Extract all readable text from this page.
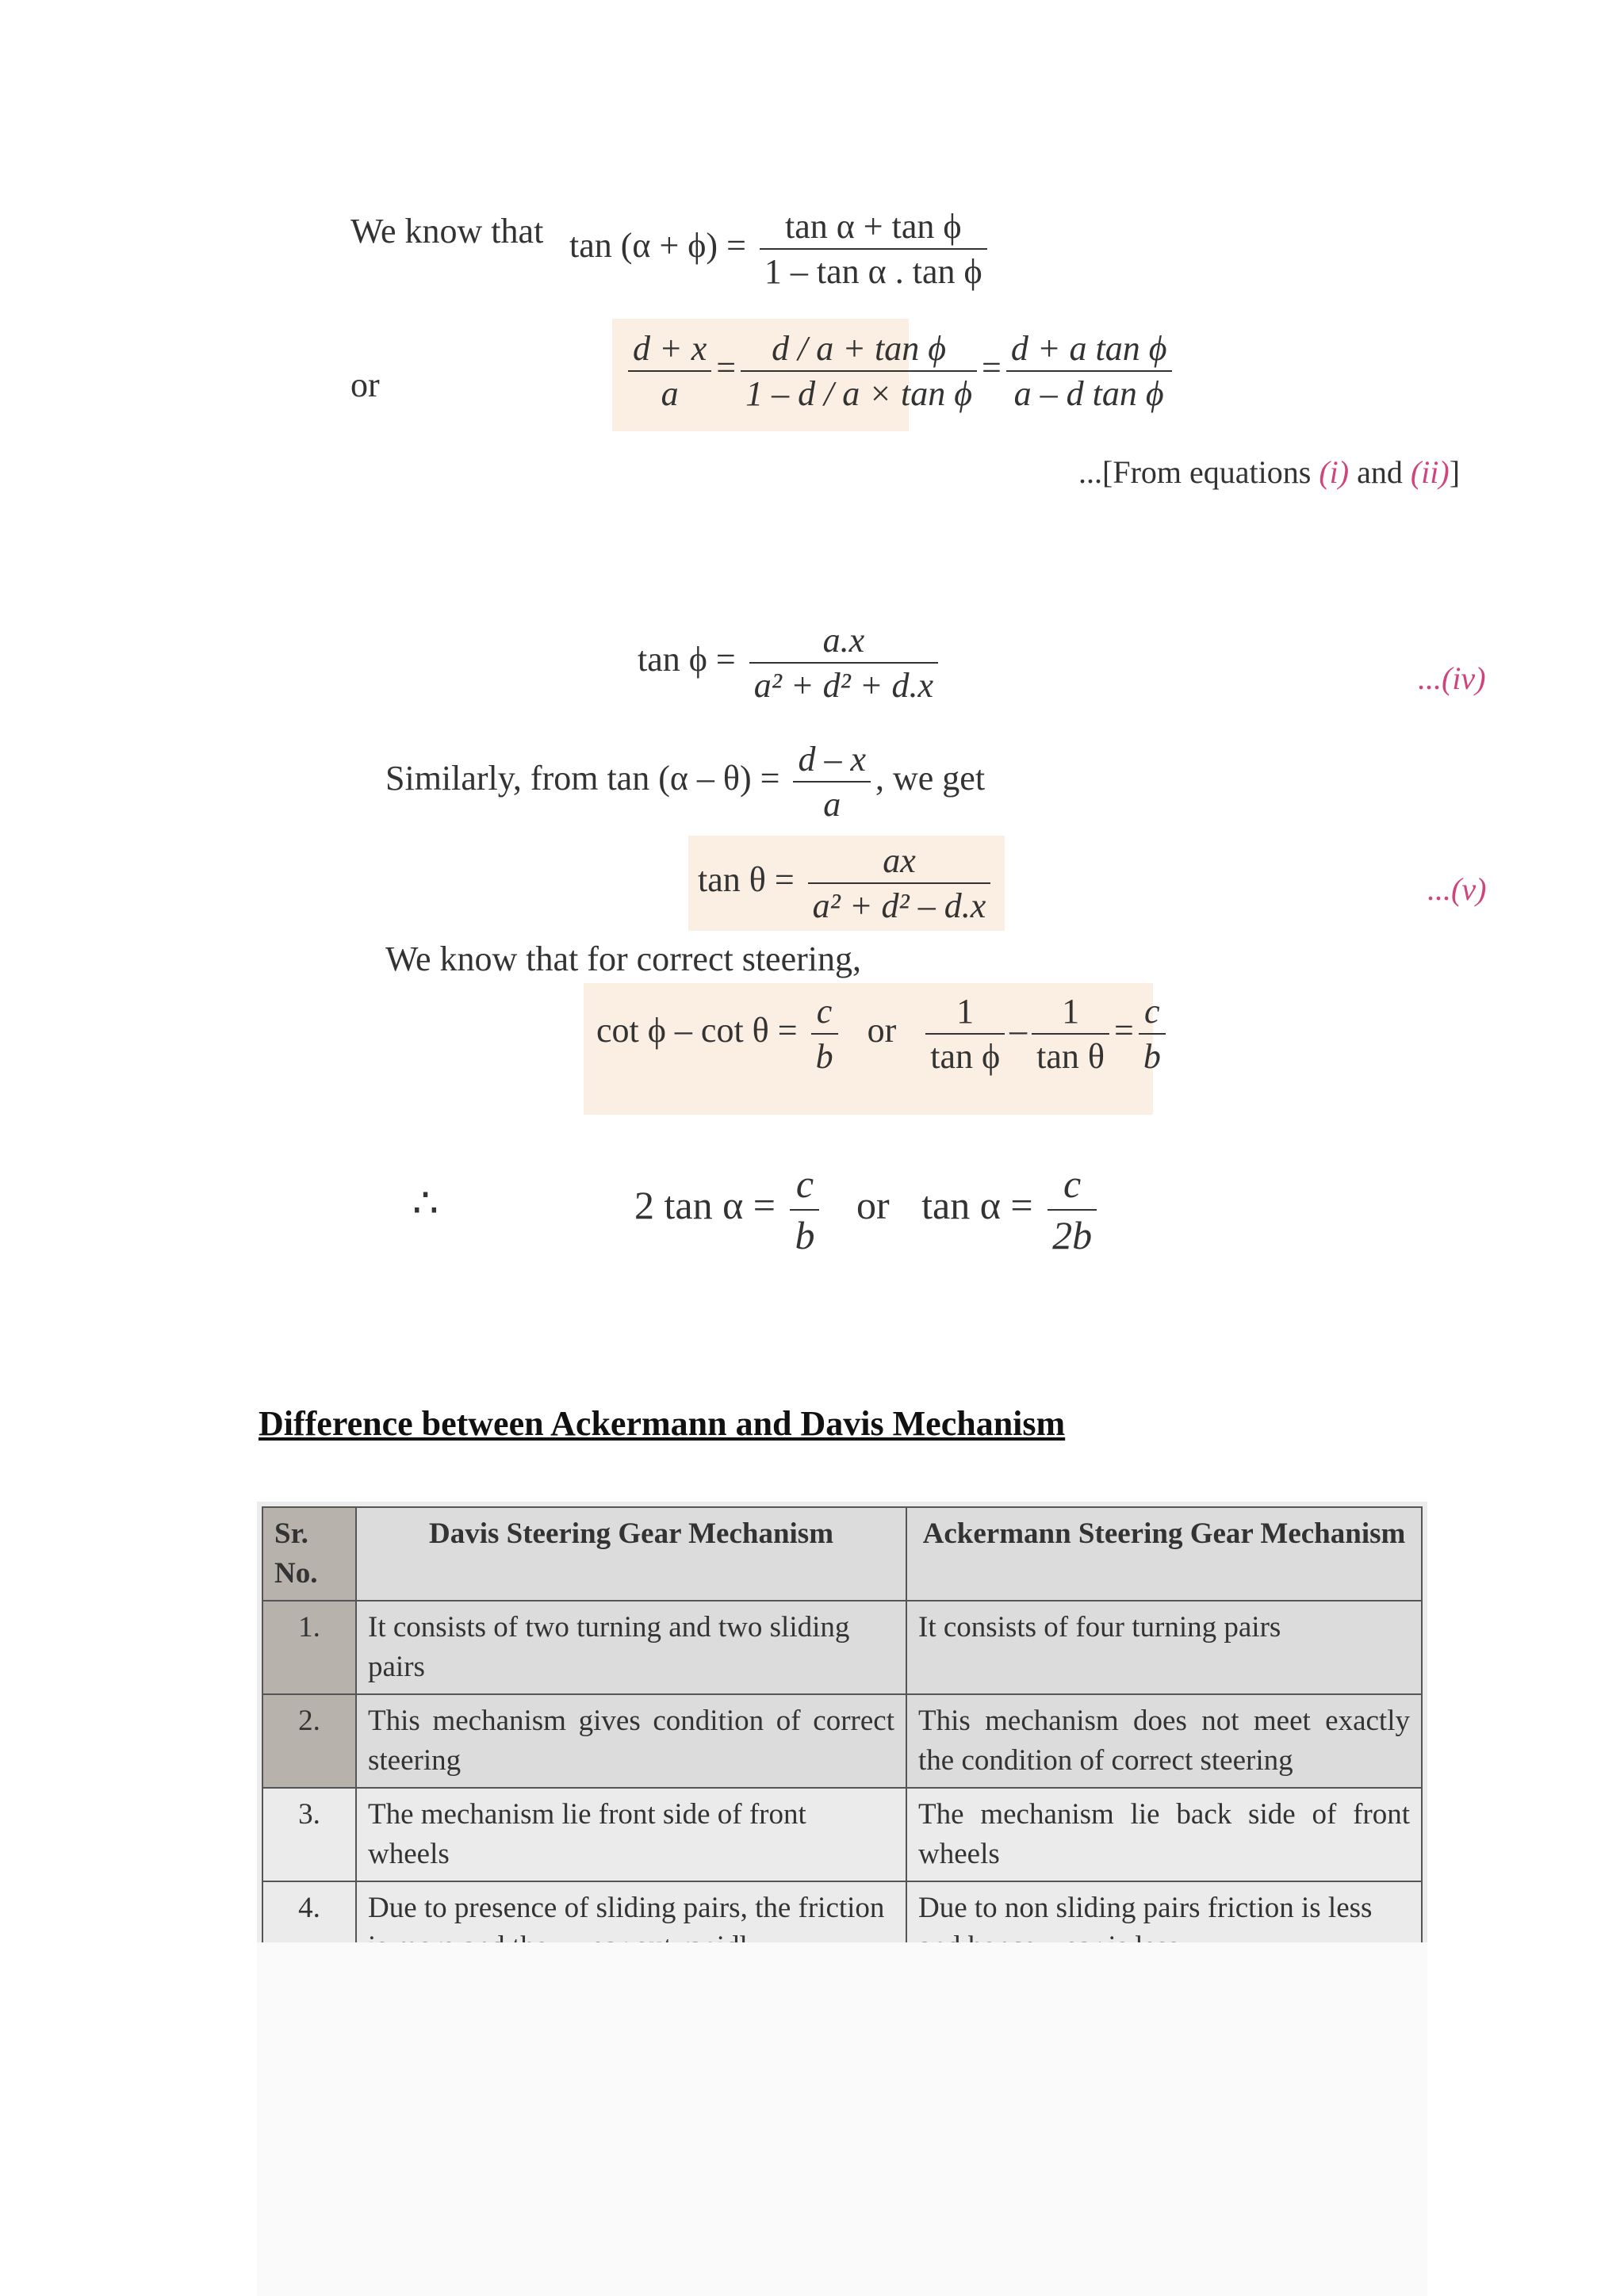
We know that $\tan (\alpha + \phi) = \frac{\text{tan α + tan ϕ}}{\text{1 – tan α . tan ϕ}}$
or	$\frac{d + x}{a} = \frac{\text{d / a + tan ϕ}}{\text{1 – d / a × tan ϕ}} = \frac{\text{d + a tan ϕ}}{\text{a – d tan ϕ}}$
...[From equations (i) and (ii)]
$\tan \phi = \frac{a.x}{\text{a² + d² + d.x}}$	...(iv)
Similarly, from $\tan (\alpha - \theta) = \frac{d - x}{a}$ , we get
$\tan \theta = \frac{ax}{\text{a² + d² – d.x}}$	...(v)
We know that for correct steering,
$\cot \phi - \cot \theta = \frac{c}{b}$ or $\frac{1}{\text{tan ϕ}} - \frac{1}{\text{tan θ}} = \frac{c}{b}$
∴	2 $\tan \alpha = \frac{c}{b}$ or $\tan \alpha = \frac{c}{2b}$
Difference between Ackermann and Davis Mechanism
Sr. No.	Davis Steering Gear Mechanism	Ackermann Steering Gear Mechanism
1.	It consists of two turning and two sliding pairs	It consists of four turning pairs
2.	This mechanism gives condition of correct steering	This mechanism does not meet exactly the condition of correct steering
3.	The mechanism lie front side of front wheels	The mechanism lie back side of front wheels
4.	Due to presence of sliding pairs, the friction	Due to non sliding pairs friction is less
